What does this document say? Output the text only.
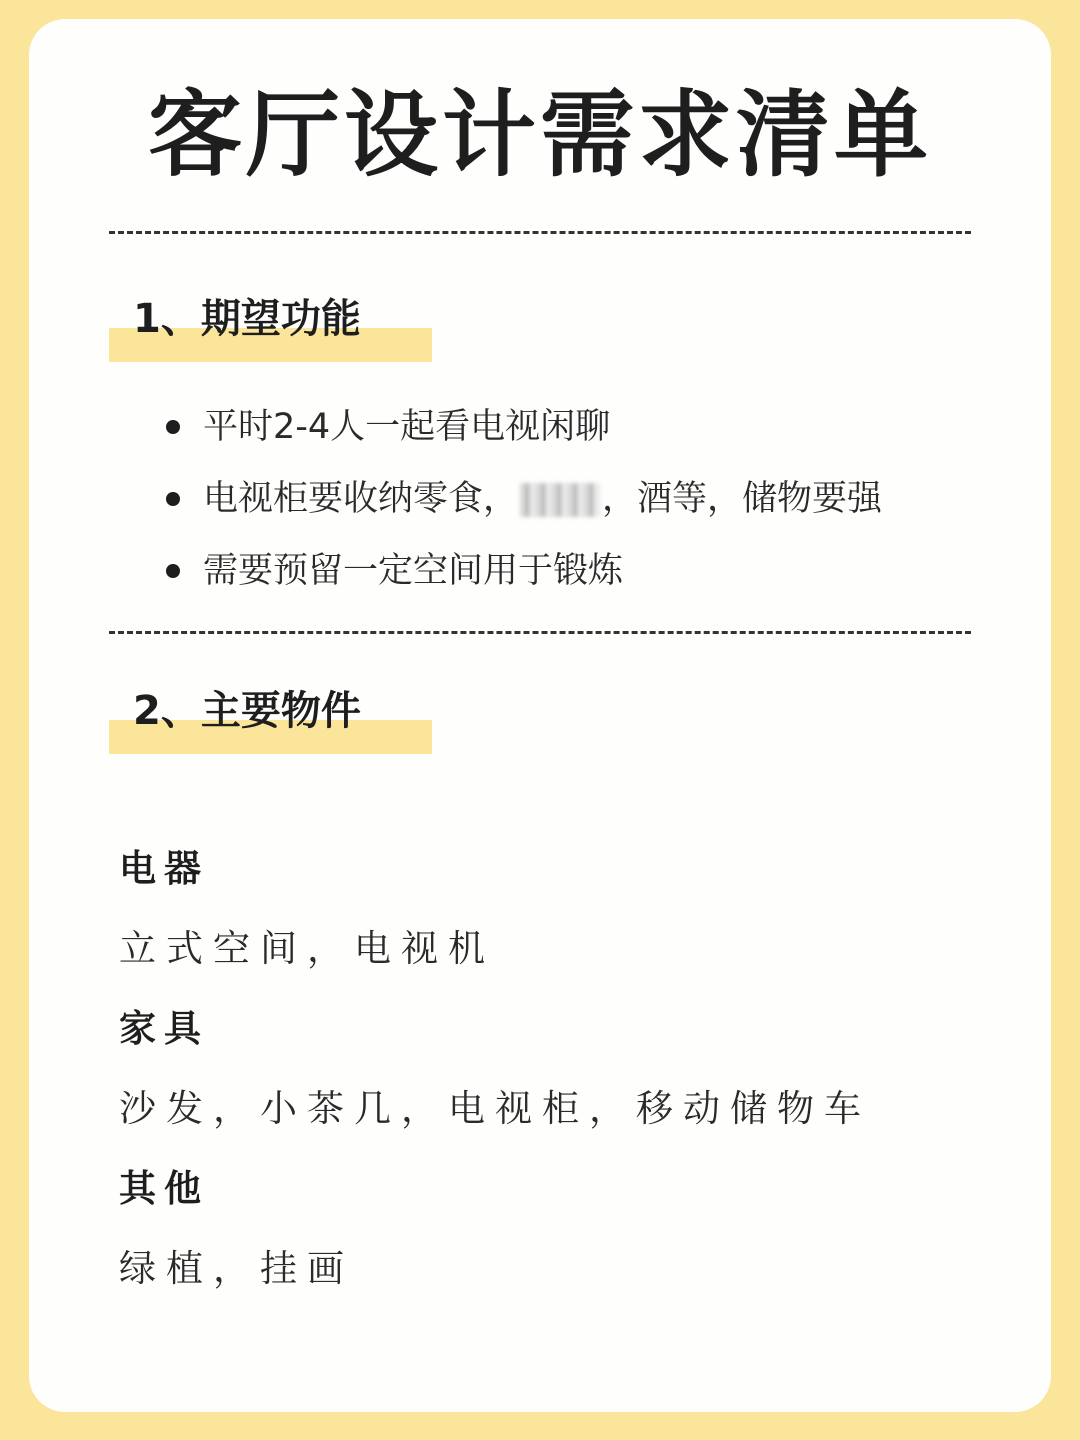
客厅设计需求清单
1、期望功能
平时2-4人一起看电视闲聊
电视柜要收纳零食， ，酒等，储物要强
需要预留一定空间用于锻炼
2、主要物件
电器
立式空间，电视机
家具
沙发，小茶几，电视柜，移动储物车
其他
绿植，挂画
